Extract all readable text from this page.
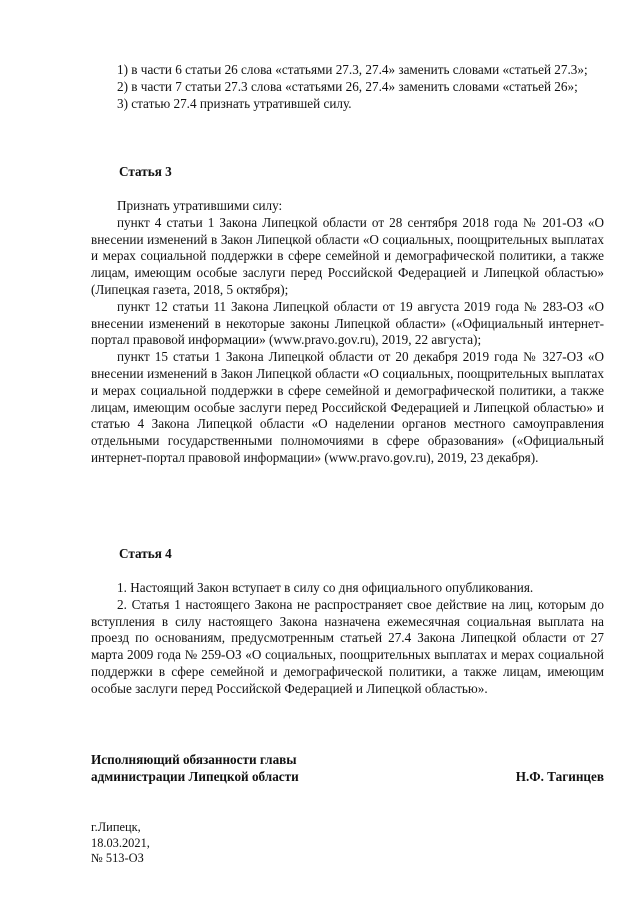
1) в части 6 статьи 26 слова «статьями 27.3, 27.4» заменить словами «статьей 27.3»;

2) в части 7 статьи 27.3 слова «статьями 26, 27.4» заменить словами «статьей 26»;

3) статью 27.4 признать утратившей силу.

Статья 3

Признать утратившими силу:

пункт 4 статьи 1 Закона Липецкой области от 28 сентября 2018 года № 201-ОЗ «О внесении изменений в Закон Липецкой области «О социальных, поощрительных выплатах и мерах социальной поддержки в сфере семейной и демографической политики, а также лицам, имеющим особые заслуги перед Российской Федерацией и Липецкой областью» (Липецкая газета, 2018, 5 октября);

пункт 12 статьи 11 Закона Липецкой области от 19 августа 2019 года № 283-ОЗ «О внесении изменений в некоторые законы Липецкой области» («Официальный интернет-портал правовой информации» (www.pravo.gov.ru), 2019, 22 августа);

пункт 15 статьи 1 Закона Липецкой области от 20 декабря 2019 года № 327-ОЗ «О внесении изменений в Закон Липецкой области «О социальных, поощрительных выплатах и мерах социальной поддержки в сфере семейной и демографической политики, а также лицам, имеющим особые заслуги перед Российской Федерацией и Липецкой областью» и статью 4 Закона Липецкой области «О наделении органов местного самоуправления отдельными государственными полномочиями в сфере образования» («Официальный интернет-портал правовой информации» (www.pravo.gov.ru), 2019, 23 декабря).

Статья 4

1. Настоящий Закон вступает в силу со дня официального опубликования.

2. Статья 1 настоящего Закона не распространяет свое действие на лиц, которым до вступления в силу настоящего Закона назначена ежемесячная социальная выплата на проезд по основаниям, предусмотренным статьей 27.4 Закона Липецкой области от 27 марта 2009 года № 259-ОЗ «О социальных, поощрительных выплатах и мерах социальной поддержки в сфере семейной и демографической политики, а также лицам, имеющим особые заслуги перед Российской Федерацией и Липецкой областью».

Исполняющий обязанности главы
администрации Липецкой области	Н.Ф. Тагинцев
г.Липецк,
18.03.2021,
№ 513-ОЗ
